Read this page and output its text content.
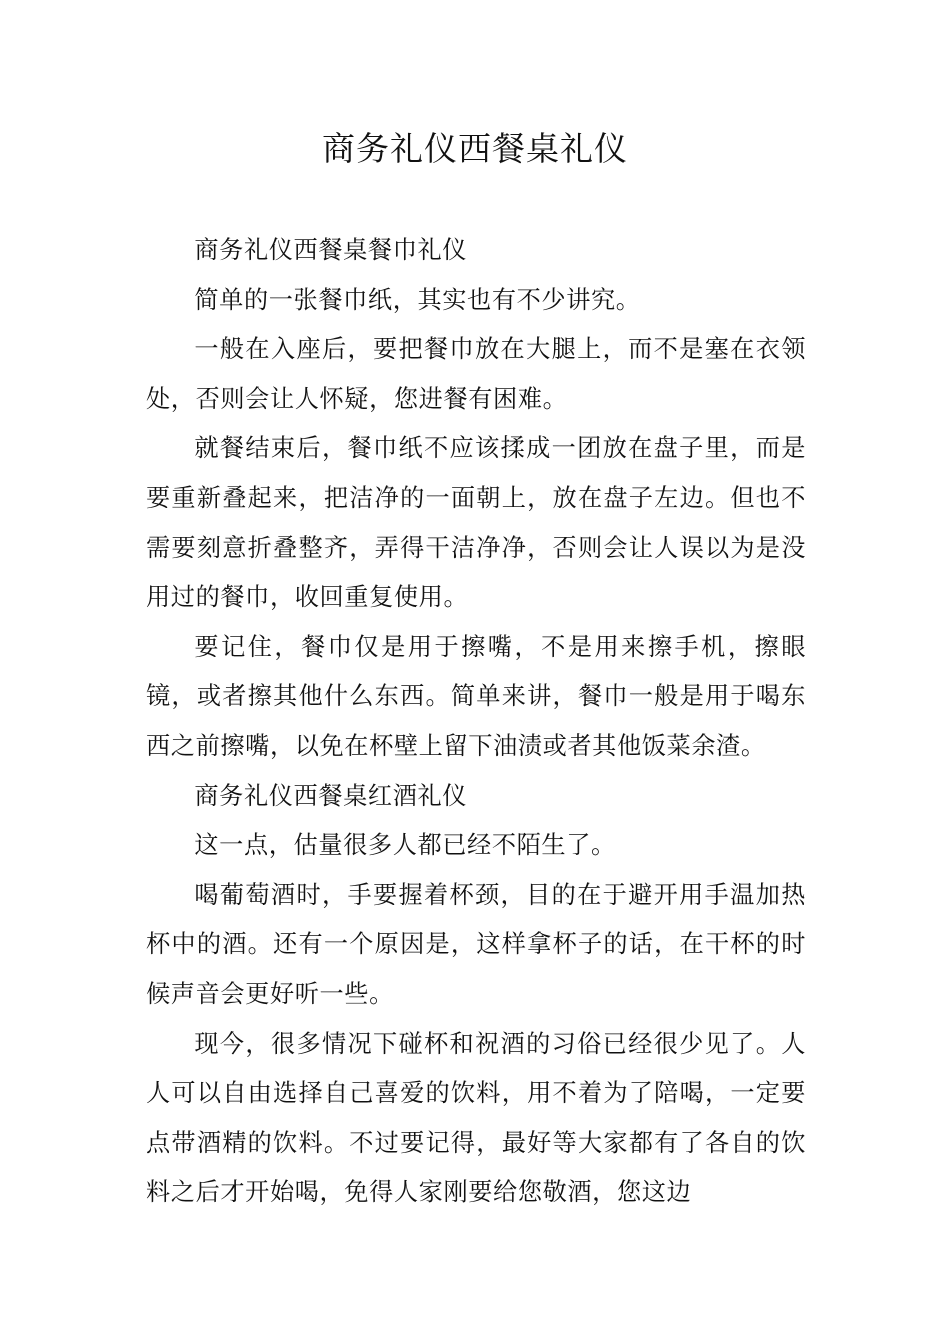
商务礼仪西餐桌礼仪

商务礼仪西餐桌餐巾礼仪

简单的一张餐巾纸，其实也有不少讲究。

一般在入座后，要把餐巾放在大腿上，而不是塞在衣领处，否则会让人怀疑，您进餐有困难。

就餐结束后，餐巾纸不应该揉成一团放在盘子里，而是要重新叠起来，把洁净的一面朝上，放在盘子左边。但也不需要刻意折叠整齐，弄得干洁净净，否则会让人误以为是没用过的餐巾，收回重复使用。

要记住，餐巾仅是用于擦嘴，不是用来擦手机，擦眼镜，或者擦其他什么东西。简单来讲，餐巾一般是用于喝东西之前擦嘴，以免在杯壁上留下油渍或者其他饭菜余渣。

商务礼仪西餐桌红酒礼仪

这一点，估量很多人都已经不陌生了。

喝葡萄酒时，手要握着杯颈，目的在于避开用手温加热杯中的酒。还有一个原因是，这样拿杯子的话，在干杯的时候声音会更好听一些。

现今，很多情况下碰杯和祝酒的习俗已经很少见了。人人可以自由选择自己喜爱的饮料，用不着为了陪喝，一定要点带酒精的饮料。不过要记得，最好等大家都有了各自的饮料之后才开始喝，免得人家刚要给您敬酒，您这边
